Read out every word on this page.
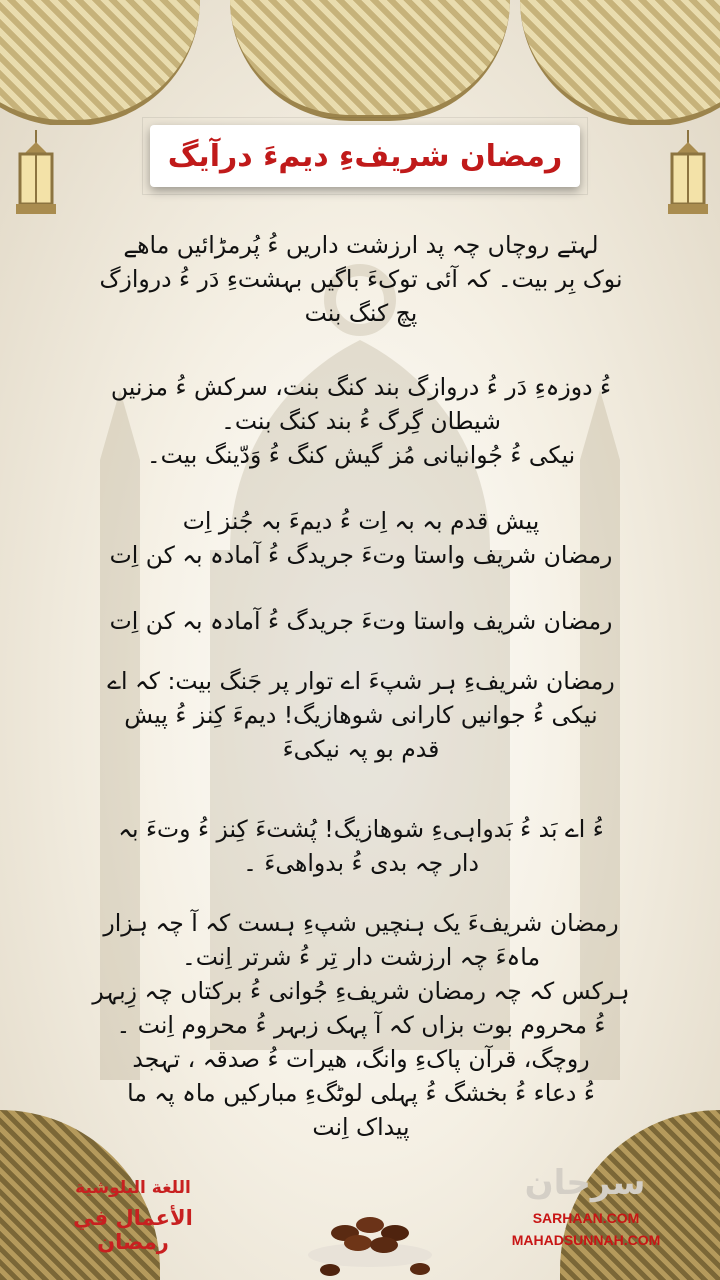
رمضان شریفءِ دیمءَ درآیگ

لہتے روچاں چہ پد ارزشت داریں ءُ پُرمڑائیں ماھے

نوک بِر بیت۔ کہ آئی توکءَ باگیں بہشتءِ دَر ءُ دروازگ

پچ کنگ بنت

ءُ دوزہءِ دَر ءُ دروازگ بند کنگ بنت، سرکش ءُ مزنیں

شیطان گِرگ ءُ بند کنگ بنت۔

نیکی ءُ جُوانیانی مُز گیش کنگ ءُ وَدّینگ بیت۔

پیش قدم بہ بہ اِت ءُ دیمءَ بہ جُنز اِت

رمضان شریف واستا وتءَ جریدگ ءُ آمادہ بہ کن اِت

رمضان شریف واستا وتءَ جریدگ ءُ آمادہ بہ کن اِت

رمضان شریفءِ ہر شپءَ اے توار پر جَنگ بیت: کہ اے

نیکی ءُ جوانیں کارانی شوھازیگ! دیمءَ کِنز ءُ پیش

قدم بو پہ نیکیءَ

ءُ اے بَد ءُ بَدواہیءِ شوھازیگ! پُشتءَ کِنز ءُ وتءَ بہ

دار چہ بدی ءُ بدواھیءَ ۔

رمضان شریفءَ یک ہنچیں شپءِ ہست کہ آ چہ ہزار

ماہءَ چہ ارزشت دار تِر ءُ شرتر اِنت۔

ہرکس کہ چہ رمضان شریفءِ جُوانی ءُ برکتاں چہ زِبہر

ءُ محروم بوت بزاں کہ آ پہک زبہر ءُ محروم اِنت ۔

روچگ، قرآن پاکءِ وانگ، ھیرات ءُ صدقہ ، تہجد

ءُ دعاء ءُ بخشگ ءُ پہلی لوٹگءِ مبارکیں ماہ پہ ما

پیداک اِنت

اللغة البلوشية
الأعمال في رمضان
سرحان
SARHAAN.COM
MAHADSUNNAH.COM
